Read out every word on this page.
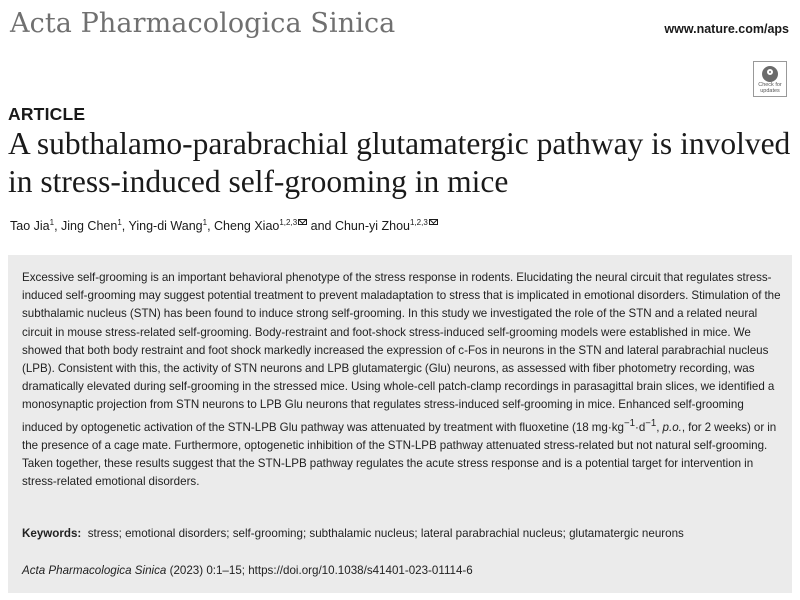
Acta Pharmacologica Sinica	www.nature.com/aps
Check for
updates
ARTICLE
A subthalamo-parabrachial glutamatergic pathway is involved in stress-induced self-grooming in mice
Tao Jia$^1$, Jing Chen$^1$, Ying-di Wang$^1$, Cheng Xiao$^{1,2,3}$ and Chun-yi Zhou$^{1,2,3}$

Excessive self-grooming is an important behavioral phenotype of the stress response in rodents. Elucidating the neural circuit that regulates stress-induced self-grooming may suggest potential treatment to prevent maladaptation to stress that is implicated in emotional disorders. Stimulation of the subthalamic nucleus (STN) has been found to induce strong self-grooming. In this study we investigated the role of the STN and a related neural circuit in mouse stress-related self-grooming. Body-restraint and foot-shock stress-induced self-grooming models were established in mice. We showed that both body restraint and foot shock markedly increased the expression of c-Fos in neurons in the STN and lateral parabrachial nucleus (LPB). Consistent with this, the activity of STN neurons and LPB glutamatergic (Glu) neurons, as assessed with fiber photometry recording, was dramatically elevated during self-grooming in the stressed mice. Using whole-cell patch-clamp recordings in parasagittal brain slices, we identified a monosynaptic projection from STN neurons to LPB Glu neurons that regulates stress-induced self-grooming in mice. Enhanced self-grooming induced by optogenetic activation of the STN-LPB Glu pathway was attenuated by treatment with fluoxetine (18 $mg\cdot kg^{-1}\cdot d^{-1}$, p.o., for 2 weeks) or in the presence of a cage mate. Furthermore, optogenetic inhibition of the STN-LPB pathway attenuated stress-related but not natural self-grooming. Taken together, these results suggest that the STN-LPB pathway regulates the acute stress response and is a potential target for intervention in stress-related emotional disorders.

Keywords: stress; emotional disorders; self-grooming; subthalamic nucleus; lateral parabrachial nucleus; glutamatergic neurons

Acta Pharmacologica Sinica (2023) 0:1–15; https://doi.org/10.1038/s41401-023-01114-6
